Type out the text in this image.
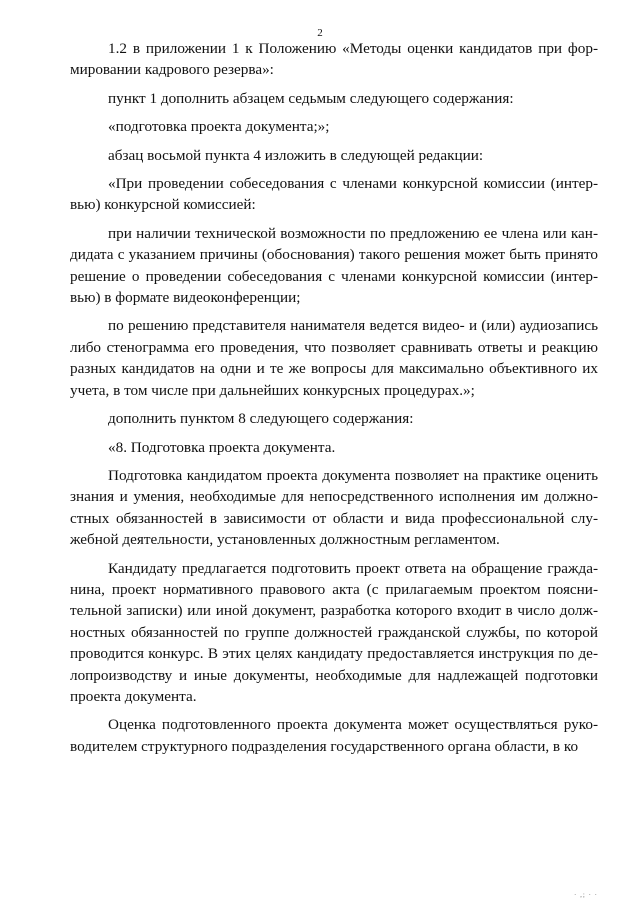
2

1.2 в приложении 1 к Положению «Методы оценки кандидатов при формировании кадрового резерва»:

пункт 1 дополнить абзацем седьмым следующего содержания:

«подготовка проекта документа;»;

абзац восьмой пункта 4 изложить в следующей редакции:

«При проведении собеседования с членами конкурсной комиссии (интервью) конкурсной комиссией:

при наличии технической возможности по предложению ее члена или кандидата с указанием причины (обоснования) такого решения может быть принято решение о проведении собеседования с членами конкурсной комиссии (интервью) в формате видеоконференции;

по решению представителя нанимателя ведется видео- и (или) аудиозапись либо стенограмма его проведения, что позволяет сравнивать ответы и реакцию разных кандидатов на одни и те же вопросы для максимально объективного их учета, в том числе при дальнейших конкурсных процедурах.»;

дополнить пунктом 8 следующего содержания:

«8. Подготовка проекта документа.

Подготовка кандидатом проекта документа позволяет на практике оценить знания и умения, необходимые для непосредственного исполнения им должностных обязанностей в зависимости от области и вида профессиональной служебной деятельности, установленных должностным регламентом.

Кандидату предлагается подготовить проект ответа на обращение гражданина, проект нормативного правового акта (с прилагаемым проектом пояснительной записки) или иной документ, разработка которого входит в число должностных обязанностей по группе должностей гражданской службы, по которой проводится конкурс. В этих целях кандидату предоставляется инструкция по делопроизводству и иные документы, необходимые для надлежащей подготовки проекта документа.

Оценка подготовленного проекта документа может осуществляться руководителем структурного подразделения государственного органа области, в ко

· ,; · ·
